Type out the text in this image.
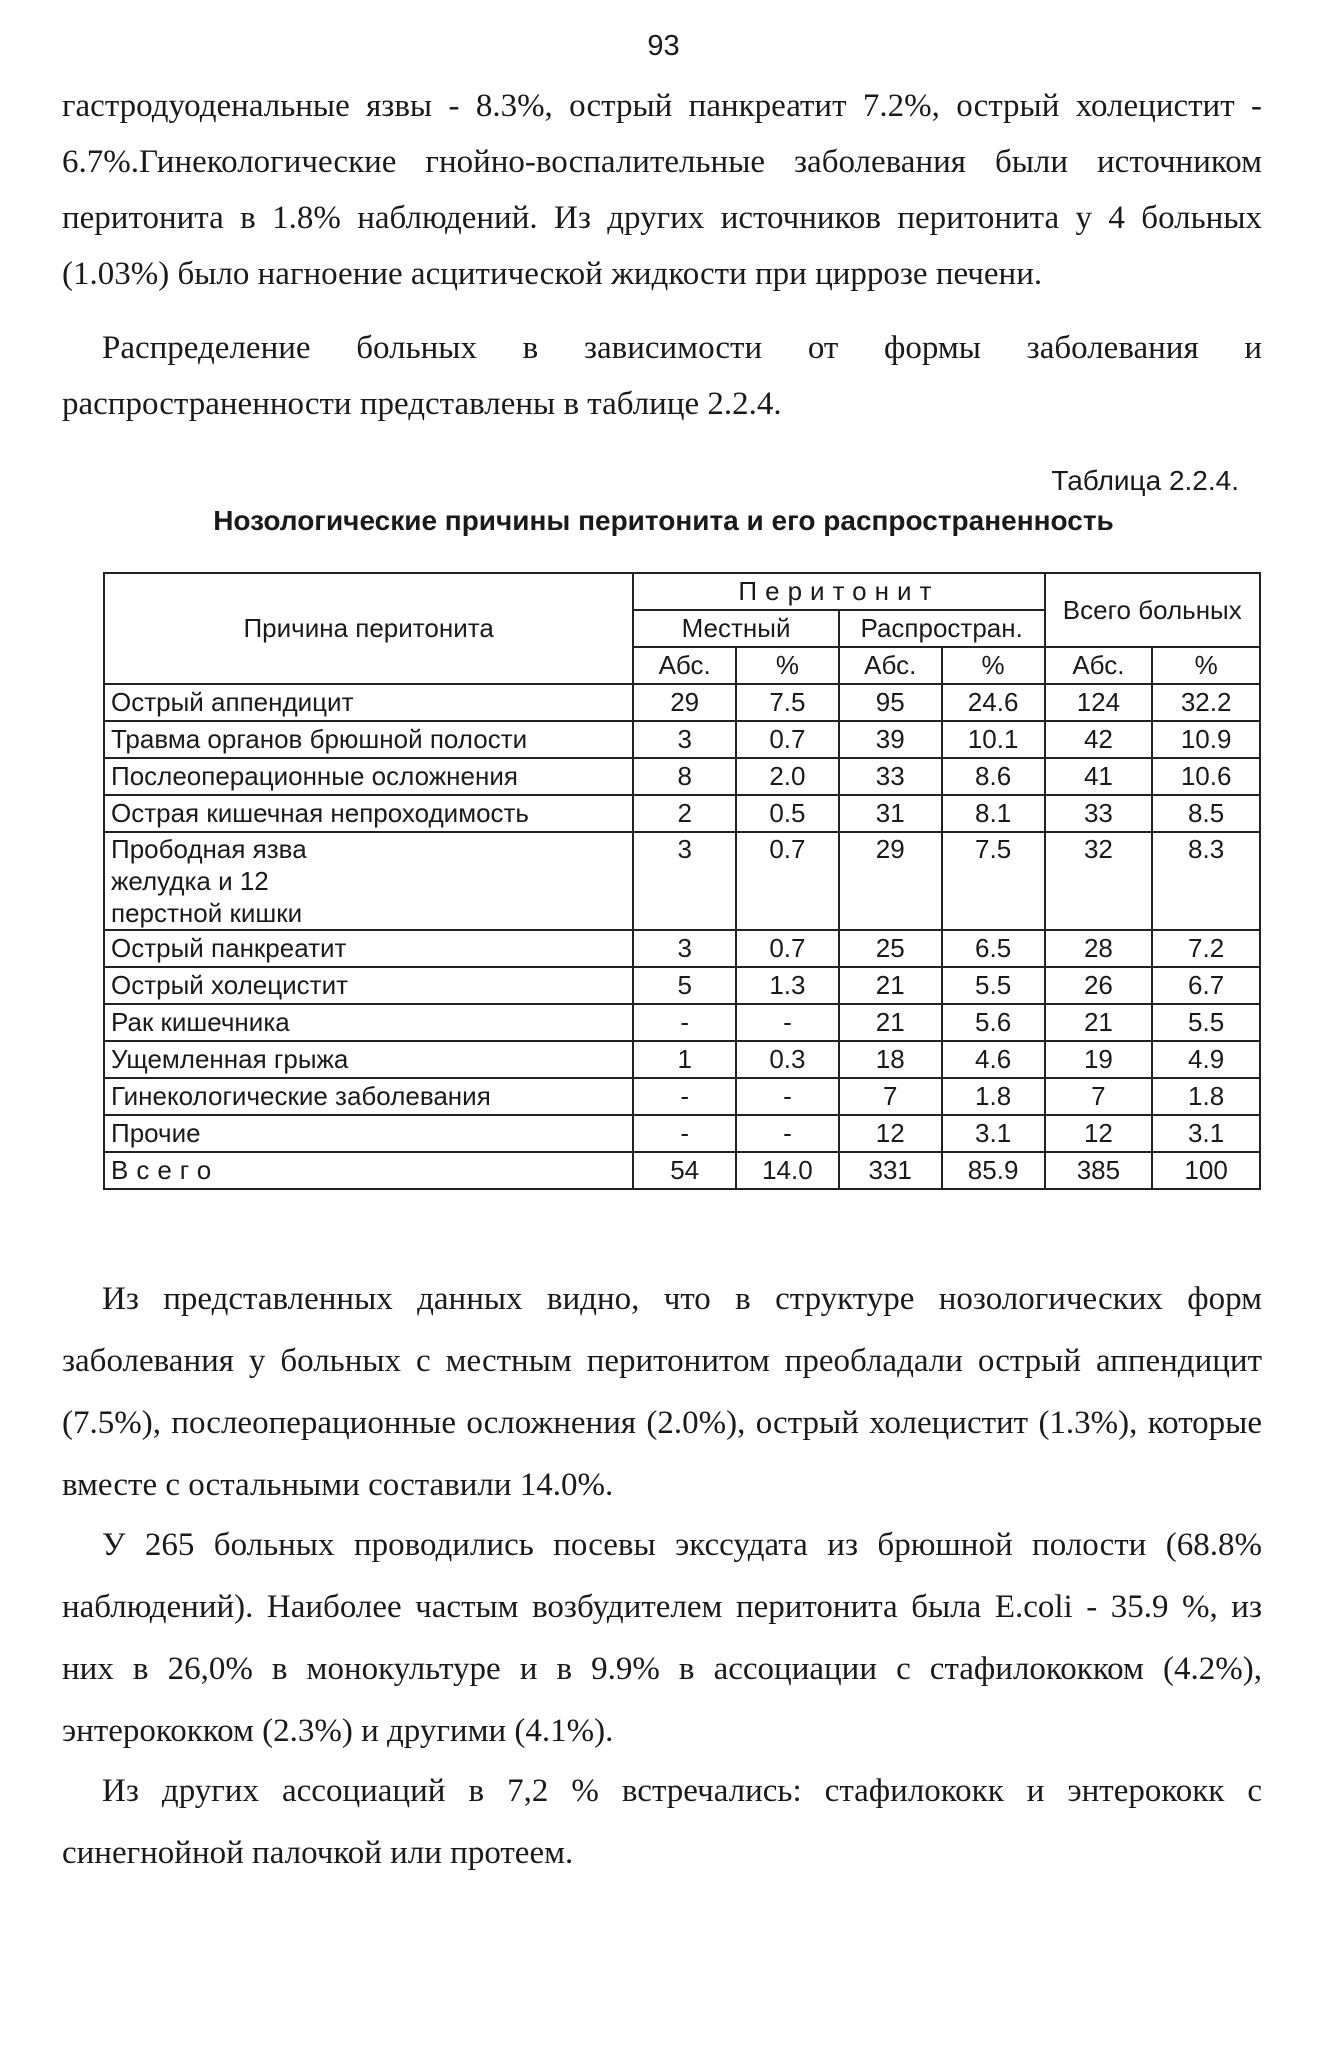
93

гастродуоденальные язвы - 8.3%, острый панкреатит 7.2%, острый холецистит - 6.7%.Гинекологические гнойно-воспалительные заболевания были источником перитонита в 1.8% наблюдений. Из других источников перитонита у 4 больных (1.03%) было нагноение асцитической жидкости при циррозе печени.

Распределение больных в зависимости от формы заболевания и распространенности представлены в таблице 2.2.4.

Таблица 2.2.4.
Нозологические причины перитонита и его распространенность
Причина перитонита	Перитонит				Всего больных	
	Местный		Распростран.			
	Абс.	%	Абс.	%	Абс.	%
Острый аппендицит	29	7.5	95	24.6	124	32.2
Травма органов брюшной полости	3	0.7	39	10.1	42	10.9
Послеоперационные осложнения	8	2.0	33	8.6	41	10.6
Острая кишечная непроходимость	2	0.5	31	8.1	33	8.5
Прободная язва желудка и 12 перстной кишки	3	0.7	29	7.5	32	8.3
Острый панкреатит	3	0.7	25	6.5	28	7.2
Острый холецистит	5	1.3	21	5.5	26	6.7
Рак кишечника	-	-	21	5.6	21	5.5
Ущемленная грыжа	1	0.3	18	4.6	19	4.9
Гинекологические заболевания	-	-	7	1.8	7	1.8
Прочие	-	-	12	3.1	12	3.1
Всего	54	14.0	331	85.9	385	100

Из представленных данных видно, что в структуре нозологических форм заболевания у больных с местным перитонитом преобладали острый аппендицит (7.5%), послеоперационные осложнения (2.0%), острый холецистит (1.3%), которые вместе с остальными составили 14.0%.

У 265 больных проводились посевы экссудата из брюшной полости (68.8% наблюдений). Наиболее частым возбудителем перитонита была E.coli - 35.9 %, из них в 26,0% в монокультуре и в 9.9% в ассоциации с стафилококком (4.2%), энтерококком (2.3%) и другими (4.1%).

Из других ассоциаций в 7,2 % встречались: стафилококк и энтерококк с синегнойной палочкой или протеем.
